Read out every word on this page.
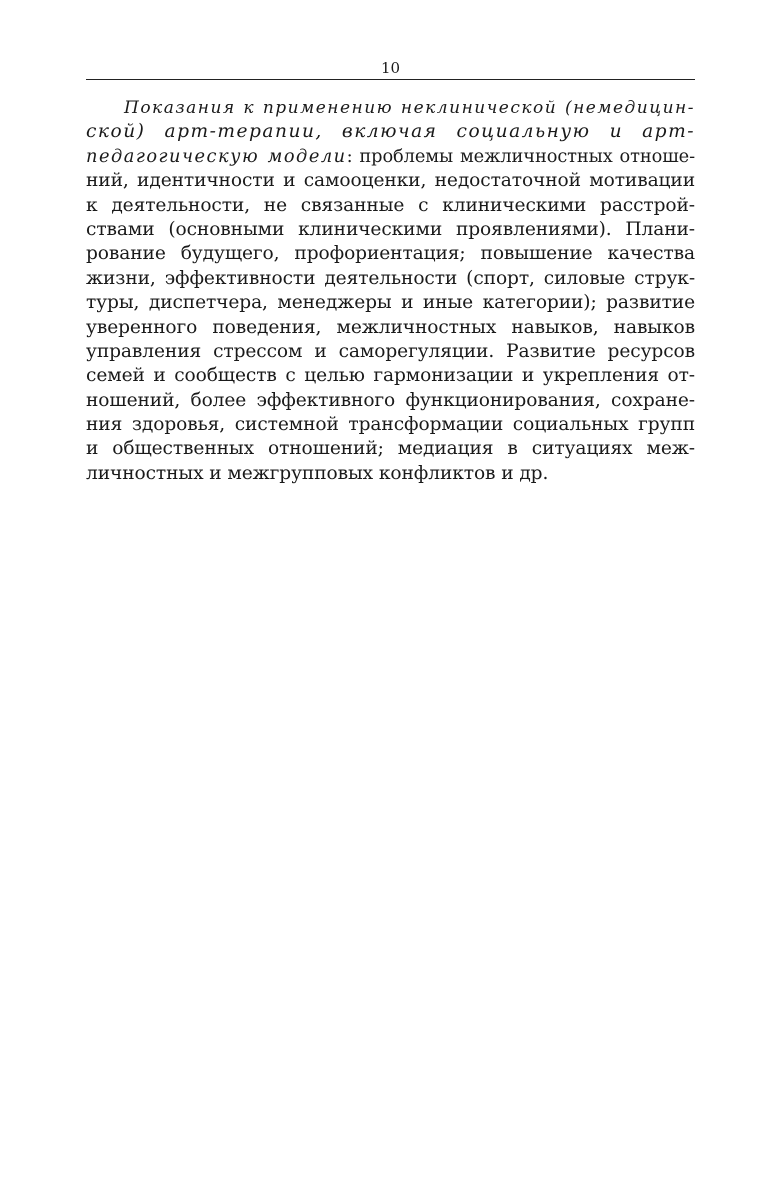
10
Показания к применению неклинической (немедицин-
ской) арт-терапии, включая социальную и арт-
педагогическую модели: проблемы межличностных отноше-
ний, идентичности и самооценки, недостаточной мотивации
к деятельности, не связанные с клиническими расстрой-
ствами (основными клиническими проявлениями). Плани-
рование будущего, профориентация; повышение качества
жизни, эффективности деятельности (спорт, силовые струк-
туры, диспетчера, менеджеры и иные категории); развитие
уверенного поведения, межличностных навыков, навыков
управления стрессом и саморегуляции. Развитие ресурсов
семей и сообществ с целью гармонизации и укрепления от-
ношений, более эффективного функционирования, сохране-
ния здоровья, системной трансформации социальных групп
и общественных отношений; медиация в ситуациях меж-
личностных и межгрупповых конфликтов и др.
